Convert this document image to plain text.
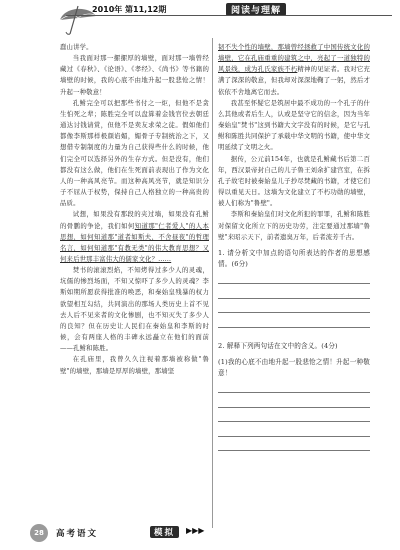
2010年 第11,12期	阅读与理解

蠢山讲学。

当我面对那一摞摞厚的墙壁，面对那一墙曾经藏过《春秋》、《论语》、《孝经》、《尚书》等书籍的墙壁的时候，我的心底不由地升起一股悲怆之情！升起一种敬意！

孔鲋完全可以把那些书付之一炬，但他不是贪生怕死之辈；陈胜完全可以盘算着金钱官位去朝廷通达讨钱请赏，但他不是卖友求荣之徒。假如他们都像李斯那样极颜谄媚，媚骨子专制统治之下，又想借专制制度的力量为自己获得些什么的时候，他们完全可以选择另外的生存方式。但是没有，他们都没有这么做，他们在生死面前表现出了作为文化人的一种高风亮节。而这种高风亮节，就是知识分子不屈从于权势，保持自己人格独立的一种高贵的品质。

试想，如果没有那段的夹过墙，如果没有孔鲋的骨鹏的争论，我们如何知道那"仁者爱人"的人本思想，如何知道那"道者如斯夫，不舍昼夜"的哲理名言，如何知道那"有教无类"的伟大教育思想？又何来后世那丰富伟大的儒家文化？……

焚书的滚滚烈焰，不知烤得过多少人的灵魂，坑儒的惨烈场面，不知又惊吓了多少人的灵魂？李斯如期所愿获得批准的唤恶，和秦始皇残暴的权力欲望相互勾结，共同演出的那场人类历史上首不见去人后不见来者的文化惨剧，也不知灭失了多少人的良知？但在历史让人民们在秦始皇和李斯的时候，会有两座人格的丰碑永远矗立在他们的面前——孔鲋和陈胜。

在孔庙里，我曾久久注视着那墙被称做"鲁壁"的墙壁，那墙是厚厚的墙壁，那墙坚

韧不失个性的墙壁，那墙曾经拯救了中国传统文化的墙壁，它在孔庙重重的建筑之中，亮起了一道独特的风景线，成为孔氏家族不朽精神的见证者。我对它充满了深深的敬意，但我却对深深地鞠了一躬，然后才依依不舍地离它而去。

我甚至怀疑它是筑居中最不成功的一个孔子的什么其他或者后生人，认或是坚守它的信念，因为当年秦始皇"焚书"这到书籍大文字没有的时候，是它与孔鲋和陈胜共同保护了承载中华文明的书籍，使中华文明延续了文明之火。

据传，公元前154年，也就是孔鲋藏书后第二百年，西汉景帝封自己的儿子鲁王刘余扩建宫室，在拆孔子故宅时被秦始皇儿子抄尽焚藏的书籍，才使它们得以重见天日。这墙为文化建立了不朽功勋的墙壁，被人们称为"鲁壁"。

李斯和秦始皇们对文化所犯的罪罪，孔鲋和陈胜对保留文化所立下的历史功劳，注定要通过那墙"鲁壁"来昭示天下，前者遗臭万年，后者流芳千古。

1. 请分析文中加点的语句所表达的作者的思想感情。(6分)
2. 解释下列两句话在文中的含义。(4分)
(1)我的心底不由地升起一股悲怆之情！升起一种敬意！
28	高考语文	模拟	▶▶▶
